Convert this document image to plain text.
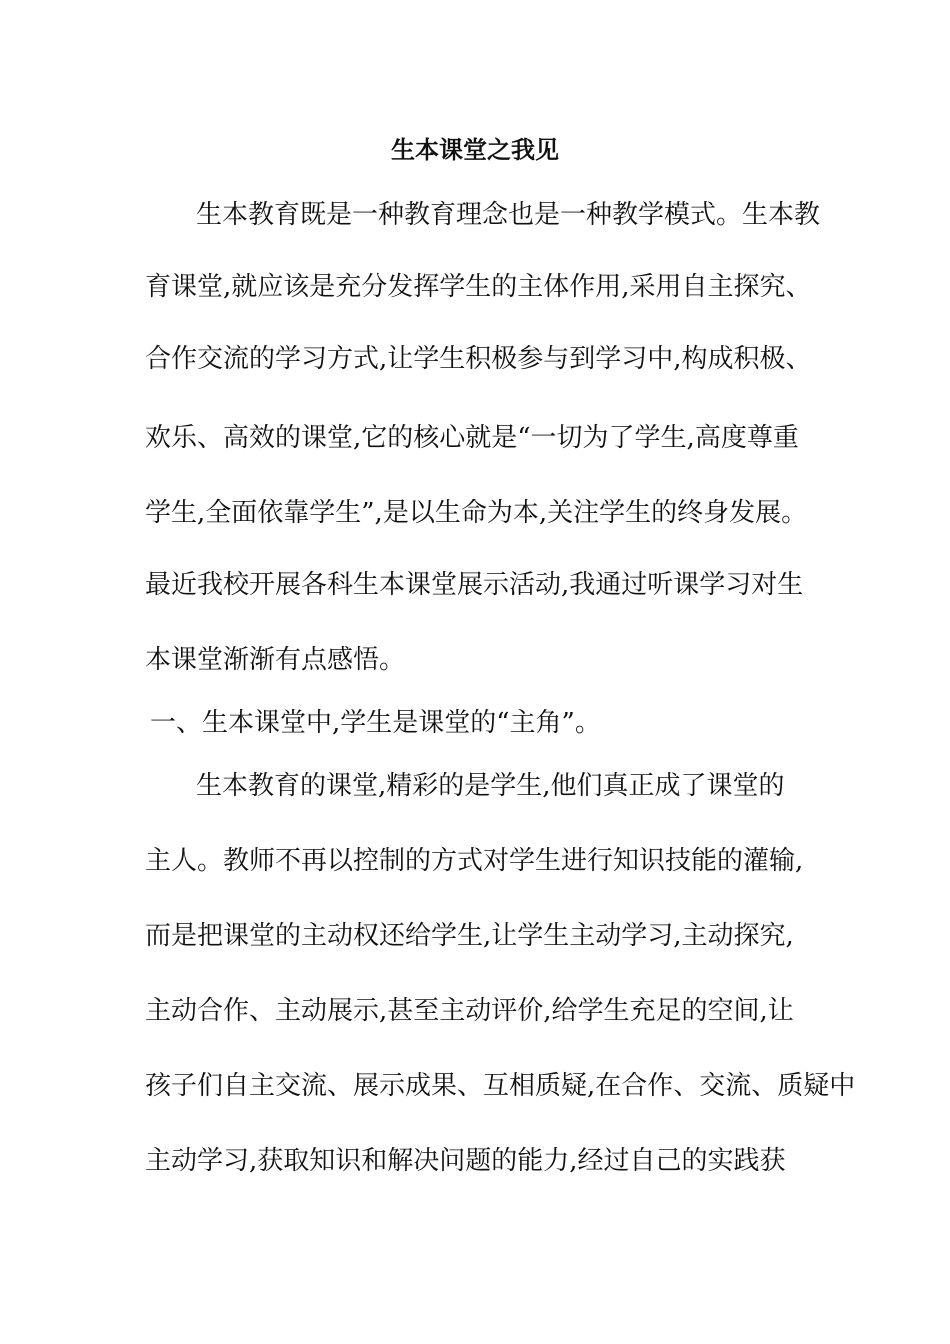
生本课堂之我见
生本教育既是一种教育理念也是一种教学模式。生本教
育课堂,就应该是充分发挥学生的主体作用,采用自主探究、
合作交流的学习方式,让学生积极参与到学习中,构成积极、
欢乐、高效的课堂,它的核心就是“一切为了学生,高度尊重
学生,全面依靠学生”,是以生命为本,关注学生的终身发展。
最近我校开展各科生本课堂展示活动,我通过听课学习对生
本课堂渐渐有点感悟。
一、生本课堂中,学生是课堂的“主角”。
生本教育的课堂,精彩的是学生,他们真正成了课堂的
主人。教师不再以控制的方式对学生进行知识技能的灌输,
而是把课堂的主动权还给学生,让学生主动学习,主动探究,
主动合作、主动展示,甚至主动评价,给学生充足的空间,让
孩子们自主交流、展示成果、互相质疑,在合作、交流、质疑中
主动学习,获取知识和解决问题的能力,经过自己的实践获
